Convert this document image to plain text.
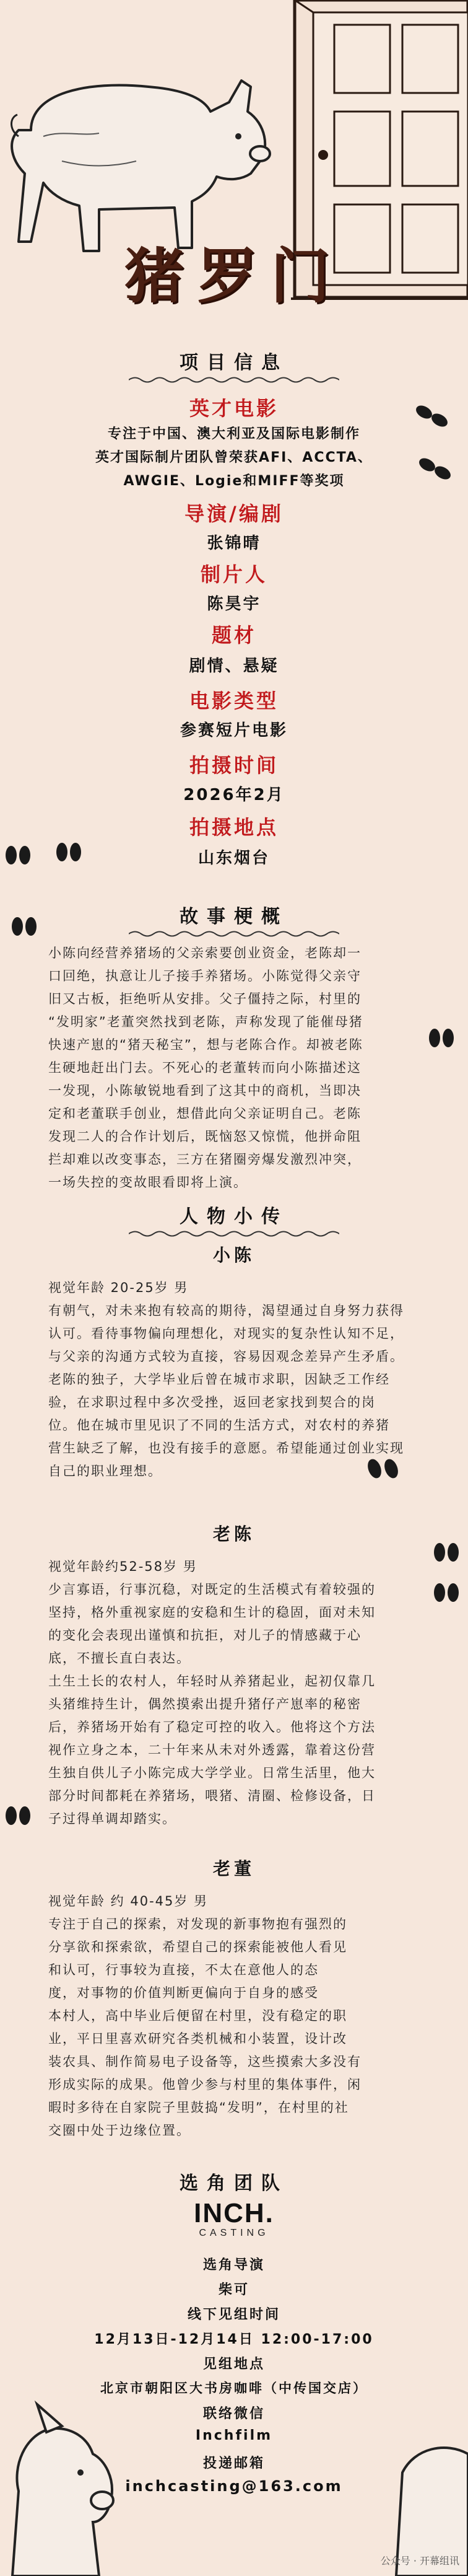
猪罗门
项目信息
英才电影
专注于中国、澳大利亚及国际电影制作
英才国际制片团队曾荣获AFI、ACCTA、
AWGIE、Logie和MIFF等奖项
导演/编剧
张锦晴
制片人
陈昊宇
题材
剧情、悬疑
电影类型
参赛短片电影
拍摄时间
2026年2月
拍摄地点
山东烟台
故事梗概
小陈向经营养猪场的父亲索要创业资金，老陈却一
口回绝，执意让儿子接手养猪场。小陈觉得父亲守
旧又古板，拒绝听从安排。父子僵持之际，村里的
“发明家”老董突然找到老陈，声称发现了能催母猪
快速产崽的“猪天秘宝”，想与老陈合作。却被老陈
生硬地赶出门去。不死心的老董转而向小陈描述这
一发现，小陈敏锐地看到了这其中的商机，当即决
定和老董联手创业，想借此向父亲证明自己。老陈
发现二人的合作计划后，既恼怒又惊慌，他拼命阻
拦却难以改变事态，三方在猪圈旁爆发激烈冲突，
一场失控的变故眼看即将上演。
人物小传
小陈
视觉年龄 20-25岁 男
有朝气，对未来抱有较高的期待，渴望通过自身努力获得
认可。看待事物偏向理想化，对现实的复杂性认知不足，
与父亲的沟通方式较为直接，容易因观念差异产生矛盾。
老陈的独子，大学毕业后曾在城市求职，因缺乏工作经
验，在求职过程中多次受挫，返回老家找到契合的岗
位。他在城市里见识了不同的生活方式，对农村的养猪
营生缺乏了解，也没有接手的意愿。希望能通过创业实现
自己的职业理想。
老陈
视觉年龄约52-58岁 男
少言寡语，行事沉稳，对既定的生活模式有着较强的
坚持，格外重视家庭的安稳和生计的稳固，面对未知
的变化会表现出谨慎和抗拒，对儿子的情感藏于心
底，不擅长直白表达。
土生土长的农村人，年轻时从养猪起业，起初仅靠几
头猪维持生计，偶然摸索出提升猪仔产崽率的秘密
后，养猪场开始有了稳定可控的收入。他将这个方法
视作立身之本，二十年来从未对外透露，靠着这份营
生独自供儿子小陈完成大学学业。日常生活里，他大
部分时间都耗在养猪场，喂猪、清圈、检修设备，日
子过得单调却踏实。
老董
视觉年龄 约 40-45岁 男
专注于自己的探索，对发现的新事物抱有强烈的
分享欲和探索欲，希望自己的探索能被他人看见
和认可，行事较为直接，不太在意他人的态
度，对事物的价值判断更偏向于自身的感受
本村人，高中毕业后便留在村里，没有稳定的职
业，平日里喜欢研究各类机械和小装置，设计改
装农具、制作简易电子设备等，这些摸索大多没有
形成实际的成果。他曾少参与村里的集体事件，闲
暇时多待在自家院子里鼓捣“发明”，在村里的社
交圈中处于边缘位置。
选角团队
INCH.
CASTING
选角导演
柴可
线下见组时间
12月13日-12月14日 12:00-17:00
见组地点
北京市朝阳区大书房咖啡（中传国交店）
联络微信
Inchfilm
投递邮箱
inchcasting@163.com
公众号 · 开幕组讯
